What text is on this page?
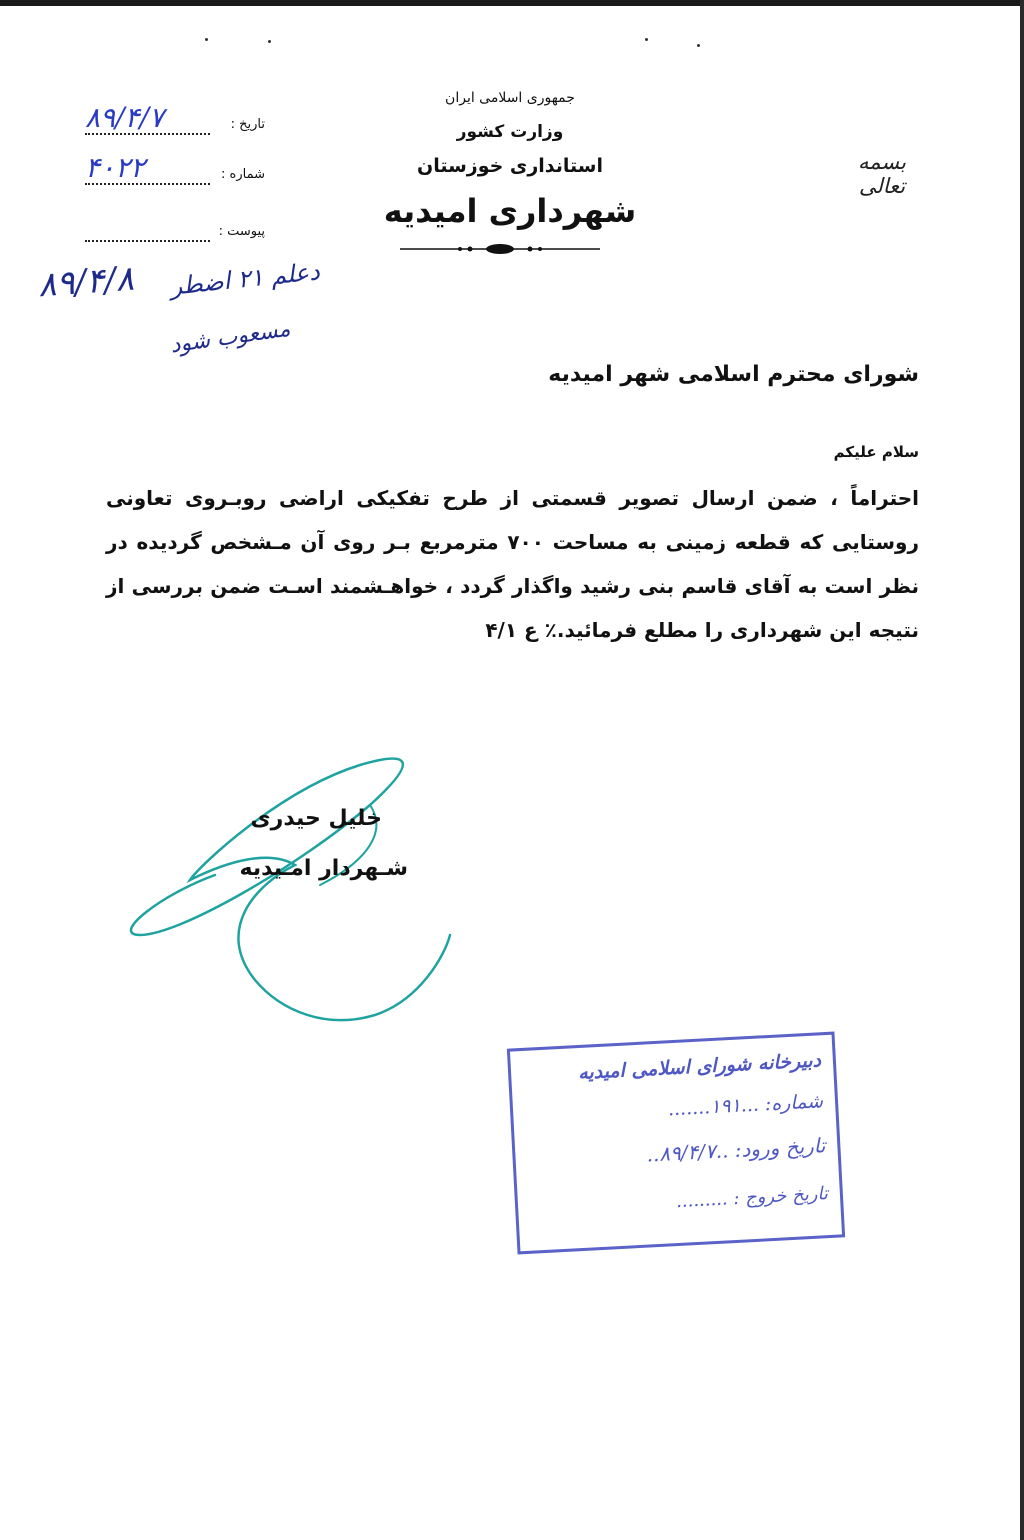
جمهوری اسلامی ایران
وزارت کشور
استانداری خوزستان
شهرداری امیدیه
بسمه تعالی
تاریخ :
۸۹/۴/۷
شماره :
۴۰۲۲
پیوست :
۸۹/۴/۸ دعلم ۲۱ اضطر
مسعوب شود
شورای محترم اسلامی شهر امیدیه
سلام علیکم
احتراماً ، ضمن ارسال تصویر قسمتی از طرح تفکیکی اراضی روبـروی تعاونی روستایی که قطعه زمینی به مساحت ۷۰۰ مترمربع بـر روی آن مـشخص گردیده در نظر است به آقای قاسم بنی رشید واگذار گردد ، خواهـشمند اسـت ضمن بررسی از نتیجه این شهرداری را مطلع فرمائید.٪ ع ۴/۱
خلیل حیدری
شـهردار امـیدیه
دبیرخانه شورای اسلامی امیدیه
شماره: ...۱۹۱.......
تاریخ ورود: ..۸۹/۴/۷..
تاریخ خروج : .........
